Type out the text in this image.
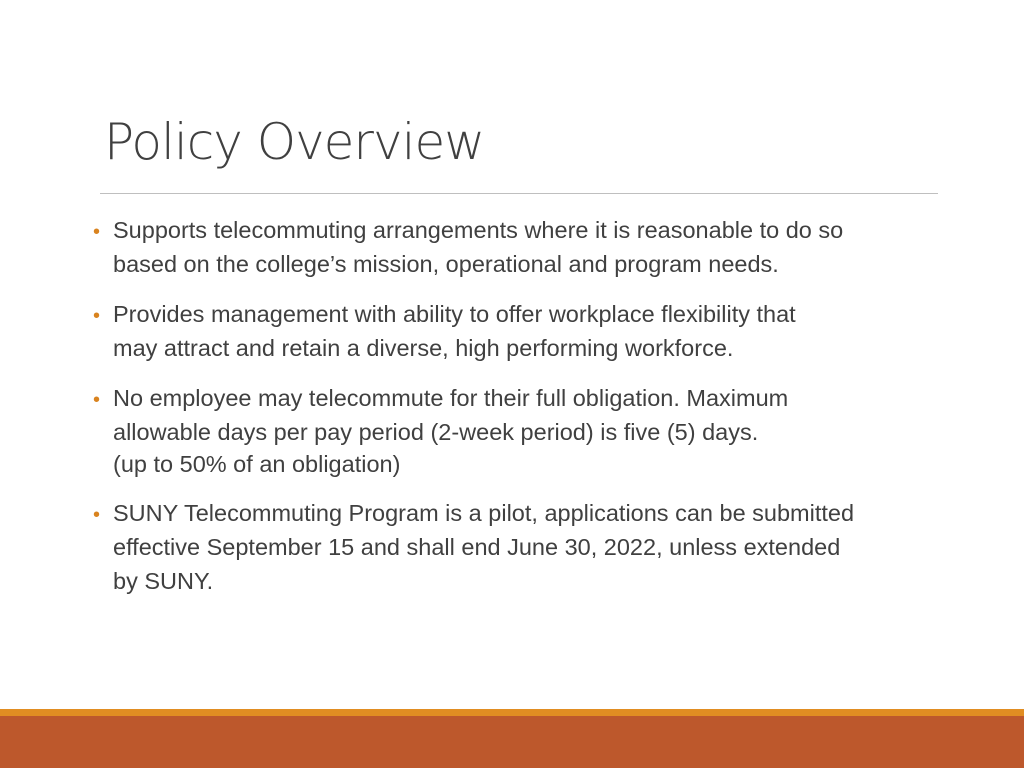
Policy Overview
• Supports telecommuting arrangements where it is reasonable to do so
based on the college’s mission, operational and program needs.
• Provides management with ability to offer workplace flexibility that
may attract and retain a diverse, high performing workforce.
• No employee may telecommute for their full obligation. Maximum
allowable days per pay period (2-week period) is five (5) days.
(up to 50% of an obligation)
• SUNY Telecommuting Program is a pilot, applications can be submitted
effective September 15 and shall end June 30, 2022, unless extended
by SUNY.
